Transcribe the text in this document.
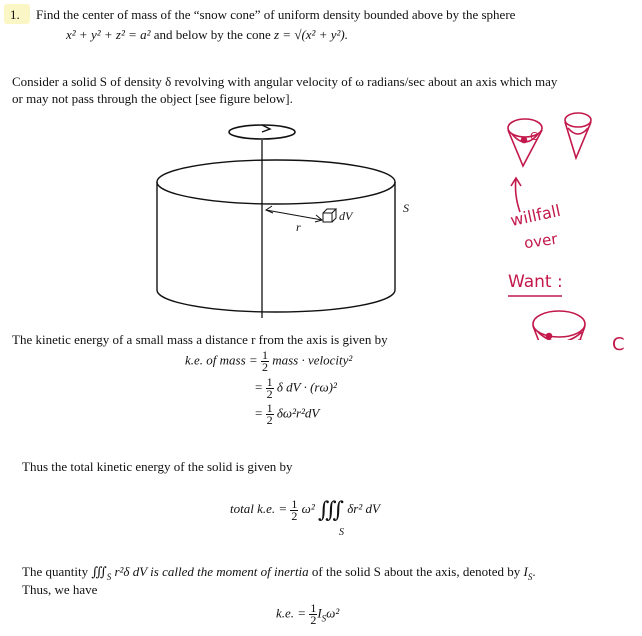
1. Find the center of mass of the “snow cone” of uniform density bounded above by the sphere
x² + y² + z² = a² and below by the cone z = √(x² + y²).
Consider a solid S of density δ revolving with angular velocity of ω radians/sec about an axis which may
or may not pass through the object [see figure below].
r
dV
S
C
willfall
over
Want :
C
The kinetic energy of a small mass a distance r from the axis is given by
k.e. of mass = $\frac{1}{2}$ mass · velocity²
= $\frac{1}{2}$ δ dV · (rω)²
= $\frac{1}{2} \delta\omega^2r^2dV$
Thus the total kinetic energy of the solid is given by
total k.e. = $\frac{1}{2} \omega^2$ ∭ δr² dV
S
The quantity $∭_S$ r²δ dV is called the moment of inertia of the solid S about the axis, denoted by $I_S$.
Thus, we have
k.e. = $\frac{1}{2} I_S\omega^2$
